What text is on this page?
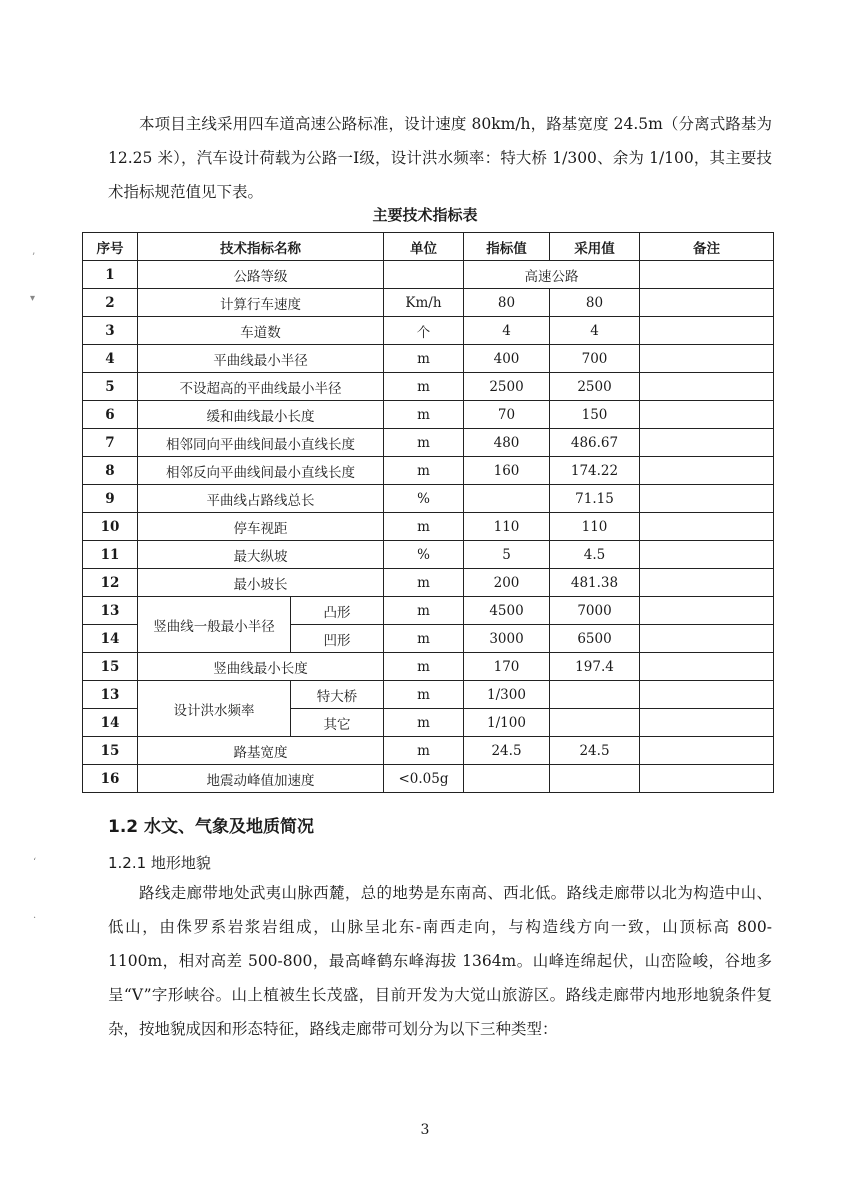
本项目主线采用四车道高速公路标准，设计速度 80km/h，路基宽度 24.5m（分离式路基为 12.25 米），汽车设计荷载为公路一I级，设计洪水频率：特大桥 1/300、余为 1/100，其主要技术指标规范值见下表。

主要技术指标表
序号	技术指标名称		单位	指标值	采用值	备注
1	公路等级			高速公路		
2	计算行车速度		Km/h	80	80	
3	车道数		个	4	4	
4	平曲线最小半径		m	400	700	
5	不设超高的平曲线最小半径		m	2500	2500	
6	缓和曲线最小长度		m	70	150	
7	相邻同向平曲线间最小直线长度		m	480	486.67	
8	相邻反向平曲线间最小直线长度		m	160	174.22	
9	平曲线占路线总长		%		71.15	
10	停车视距		m	110	110	
11	最大纵坡		%	5	4.5	
12	最小坡长		m	200	481.38	
13	竖曲线一般最小半径	凸形	m	4500	7000	
14		凹形	m	3000	6500	
15	竖曲线最小长度		m	170	197.4	
13	设计洪水频率	特大桥	m	1/300		
14		其它	m	1/100		
15	路基宽度		m	24.5	24.5	
16	地震动峰值加速度		<0.05g			
1.2 水文、气象及地质简况
1.2.1 地形地貌

路线走廊带地处武夷山脉西麓，总的地势是东南高、西北低。路线走廊带以北为构造中山、低山，由侏罗系岩浆岩组成，山脉呈北东-南西走向，与构造线方向一致，山顶标高 800-1100m，相对高差 500-800，最高峰鹤东峰海拔 1364m。山峰连绵起伏，山峦险峻，谷地多呈“V”字形峡谷。山上植被生长茂盛，目前开发为大觉山旅游区。路线走廊带内地形地貌条件复杂，按地貌成因和形态特征，路线走廊带可划分为以下三种类型：

3
’
▾
‘
·
